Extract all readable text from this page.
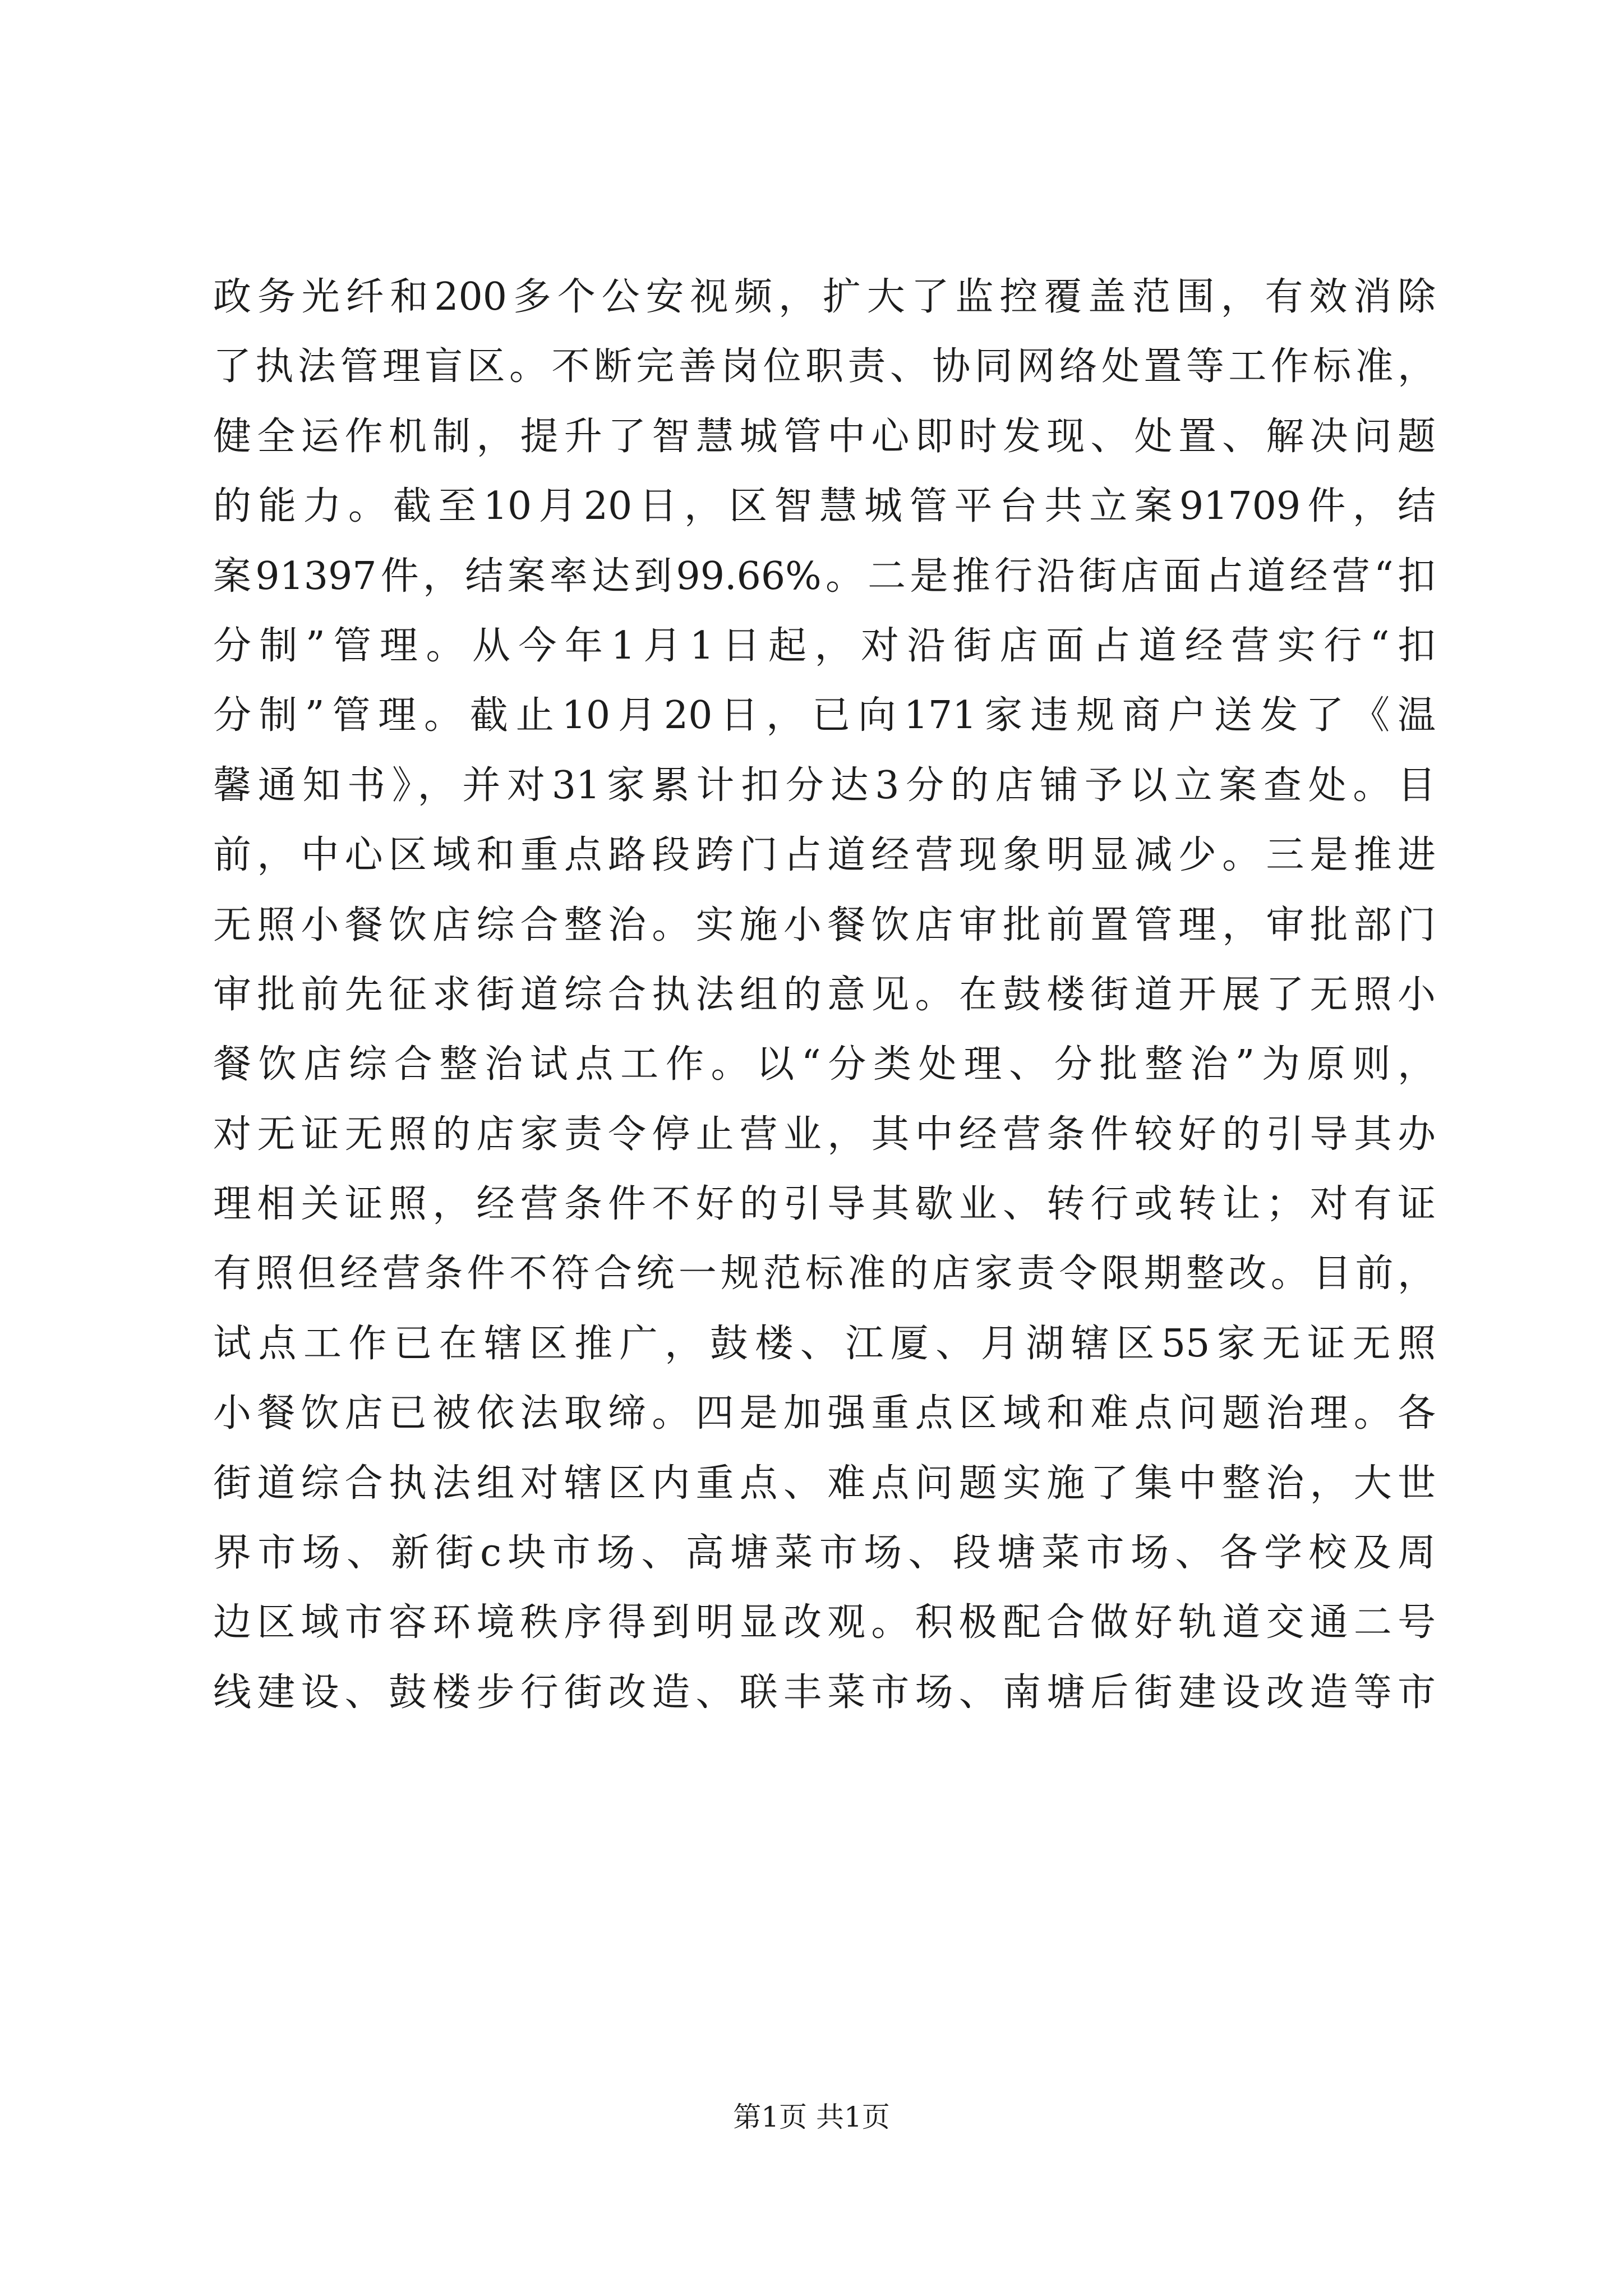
政务光纤和200多个公安视频，扩大了监控覆盖范围，有效消除
了执法管理盲区。不断完善岗位职责、协同网络处置等工作标准，
健全运作机制，提升了智慧城管中心即时发现、处置、解决问题
的能力。截至10月20日，区智慧城管平台共立案91709件，结
案91397件，结案率达到99.66%。二是推行沿街店面占道经营“扣
分制”管理。从今年1月1日起，对沿街店面占道经营实行“扣
分制”管理。截止10月20日，已向171家违规商户送发了《温
馨通知书》，并对31家累计扣分达3分的店铺予以立案查处。目
前，中心区域和重点路段跨门占道经营现象明显减少。三是推进
无照小餐饮店综合整治。实施小餐饮店审批前置管理，审批部门
审批前先征求街道综合执法组的意见。在鼓楼街道开展了无照小
餐饮店综合整治试点工作。以“分类处理、分批整治”为原则，
对无证无照的店家责令停止营业，其中经营条件较好的引导其办
理相关证照，经营条件不好的引导其歇业、转行或转让；对有证
有照但经营条件不符合统一规范标准的店家责令限期整改。目前，
试点工作已在辖区推广，鼓楼、江厦、月湖辖区55家无证无照
小餐饮店已被依法取缔。四是加强重点区域和难点问题治理。各
街道综合执法组对辖区内重点、难点问题实施了集中整治，大世
界市场、新街c块市场、高塘菜市场、段塘菜市场、各学校及周
边区域市容环境秩序得到明显改观。积极配合做好轨道交通二号
线建设、鼓楼步行街改造、联丰菜市场、南塘后街建设改造等市
第1页 共1页
